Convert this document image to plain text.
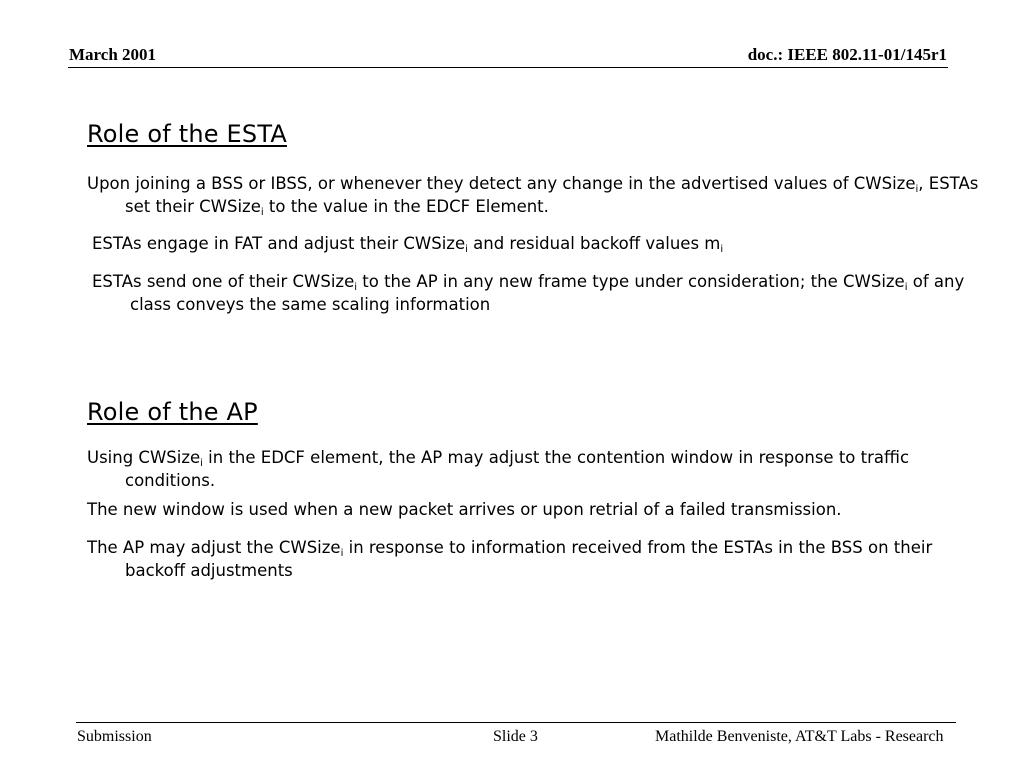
March 2001	doc.: IEEE 802.11-01/145r1
Role of the ESTA

Upon joining a BSS or IBSS, or whenever they detect any change in the advertised values of CWSize$_i$, ESTAs set their CWSize$_i$ to the value in the EDCF Element.

ESTAs engage in FAT and adjust their CWSize$_i$ and residual backoff values $m_i$

ESTAs send one of their CWSize$_i$ to the AP in any new frame type under consideration; the CWSize$_i$ of any class conveys the same scaling information

Role of the AP

Using CWSize$_i$ in the EDCF element, the AP may adjust the contention window in response to traffic conditions.

The new window is used when a new packet arrives or upon retrial of a failed transmission.

The AP may adjust the CWSize$_i$ in response to information received from the ESTAs in the BSS on their backoff adjustments

Submission	Slide 3	Mathilde Benveniste, AT&T Labs - Research
